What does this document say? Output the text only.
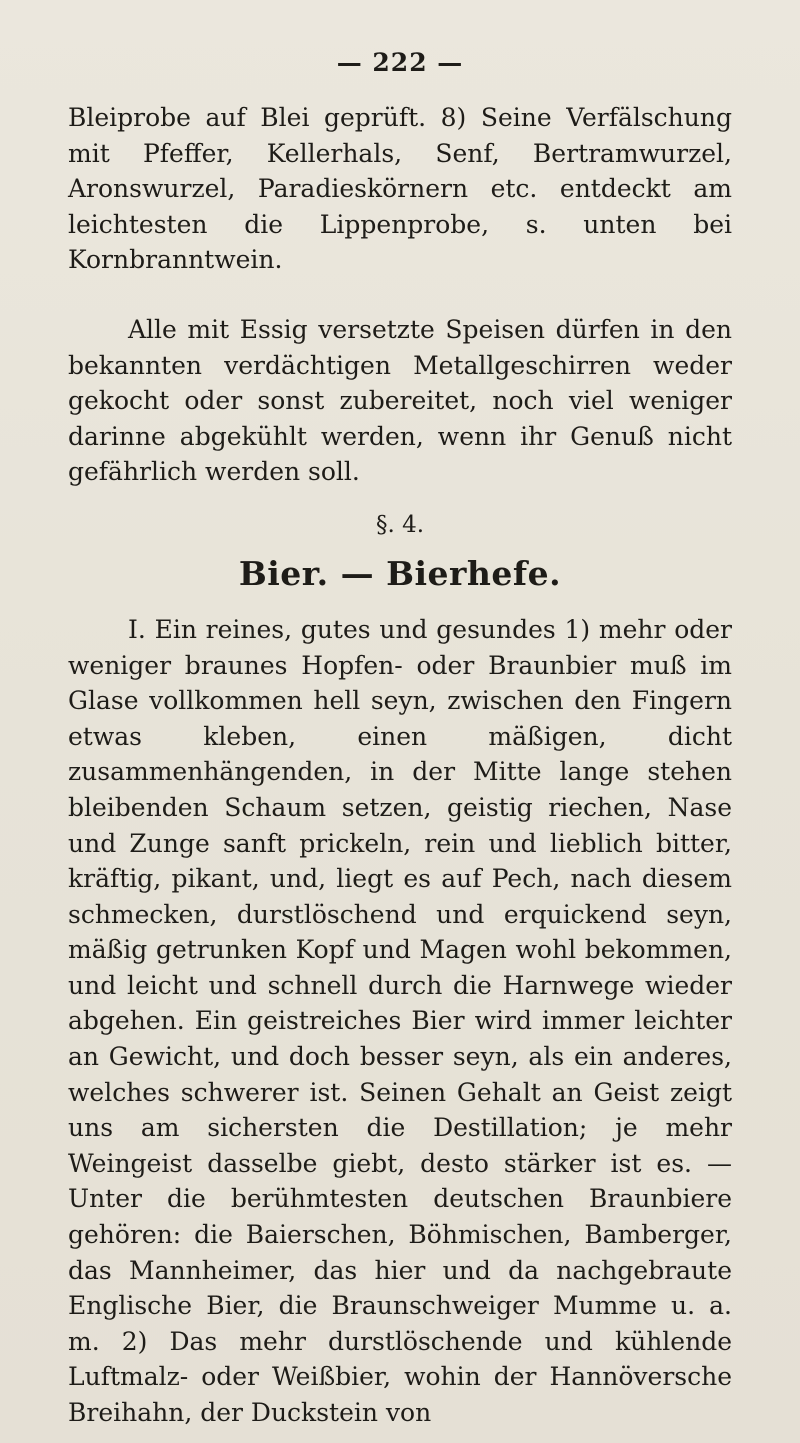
— 222 —

Bleiprobe auf Blei geprüft. 8) Seine Verfälschung mit Pfeffer, Kellerhals, Senf, Bertramwurzel, Aronswurzel, Paradieskörnern etc. entdeckt am leichtesten die Lippenprobe, s. unten bei Kornbranntwein.

Alle mit Essig versetzte Speisen dürfen in den bekannten verdächtigen Metallgeschirren weder gekocht oder sonst zubereitet, noch viel weniger darinne abgekühlt werden, wenn ihr Genuß nicht gefährlich werden soll.

§. 4.
Bier. — Bierhefe.

I. Ein reines, gutes und gesundes 1) mehr oder weniger braunes Hopfen- oder Braunbier muß im Glase vollkommen hell seyn, zwischen den Fingern etwas kleben, einen mäßigen, dicht zusammenhängenden, in der Mitte lange stehen bleibenden Schaum setzen, geistig riechen, Nase und Zunge sanft prickeln, rein und lieblich bitter, kräftig, pikant, und, liegt es auf Pech, nach diesem schmecken, durstlöschend und erquickend seyn, mäßig getrunken Kopf und Magen wohl bekommen, und leicht und schnell durch die Harnwege wieder abgehen. Ein geistreiches Bier wird immer leichter an Gewicht, und doch besser seyn, als ein anderes, welches schwerer ist. Seinen Gehalt an Geist zeigt uns am sichersten die Destillation; je mehr Weingeist dasselbe giebt, desto stärker ist es. — Unter die berühmtesten deutschen Braunbiere gehören: die Baierschen, Böhmischen, Bamberger, das Mannheimer, das hier und da nachgebraute Englische Bier, die Braunschweiger Mumme u. a. m. 2) Das mehr durstlöschende und kühlende Luftmalz- oder Weißbier, wohin der Hannöversche Breihahn, der Duckstein von
